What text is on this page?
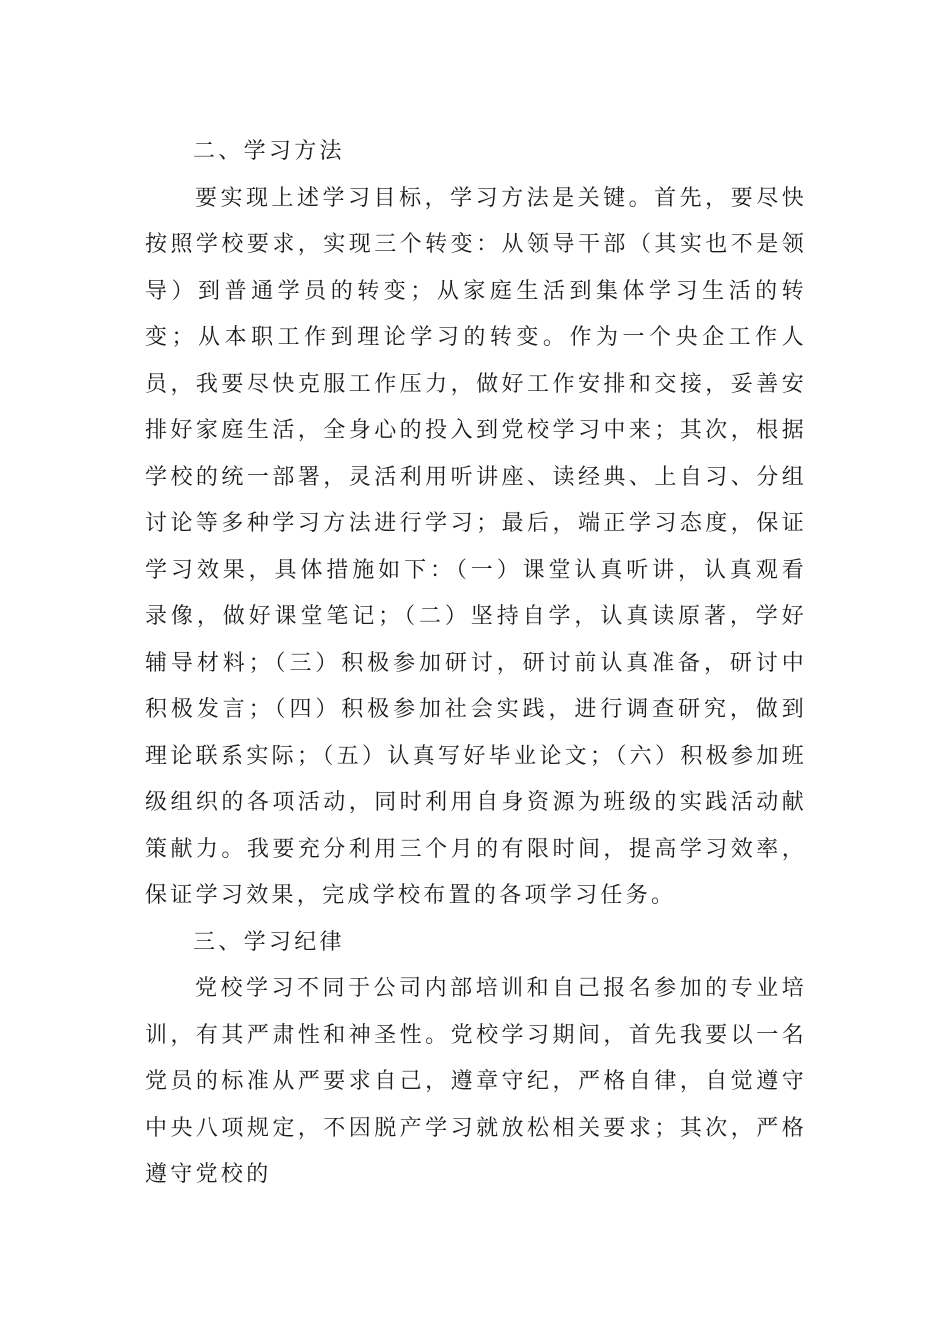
二、学习方法

要实现上述学习目标，学习方法是关键。首先，要尽快按照学校要求，实现三个转变：从领导干部（其实也不是领导）到普通学员的转变；从家庭生活到集体学习生活的转变；从本职工作到理论学习的转变。作为一个央企工作人员，我要尽快克服工作压力，做好工作安排和交接，妥善安排好家庭生活，全身心的投入到党校学习中来；其次，根据学校的统一部署，灵活利用听讲座、读经典、上自习、分组讨论等多种学习方法进行学习；最后，端正学习态度，保证学习效果，具体措施如下：（一）课堂认真听讲，认真观看录像，做好课堂笔记；（二）坚持自学，认真读原著，学好辅导材料；（三）积极参加研讨，研讨前认真准备，研讨中积极发言；（四）积极参加社会实践，进行调查研究，做到理论联系实际；（五）认真写好毕业论文；（六）积极参加班级组织的各项活动，同时利用自身资源为班级的实践活动献策献力。我要充分利用三个月的有限时间，提高学习效率，保证学习效果，完成学校布置的各项学习任务。

三、学习纪律

党校学习不同于公司内部培训和自己报名参加的专业培训，有其严肃性和神圣性。党校学习期间，首先我要以一名党员的标准从严要求自己，遵章守纪，严格自律，自觉遵守中央八项规定，不因脱产学习就放松相关要求；其次，严格遵守党校的
